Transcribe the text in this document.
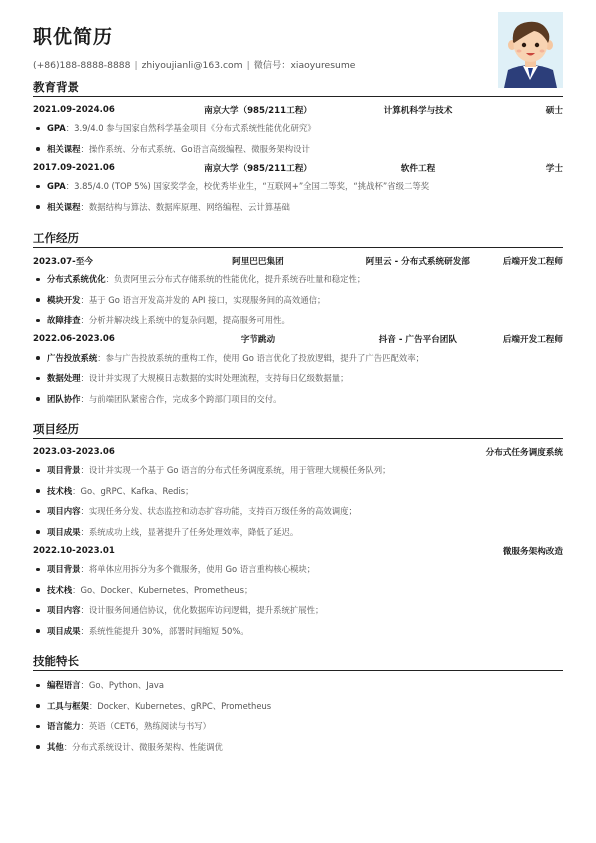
职优简历
(+86)188-8888-8888 | zhiyoujianli@163.com | 微信号：xiaoyuresume
教育背景
2021.09-2024.06	南京大学（985/211工程）	计算机科学与技术	硕士
GPA：3.9/4.0 参与国家自然科学基金项目《分布式系统性能优化研究》
相关课程：操作系统、分布式系统、Go语言高级编程、微服务架构设计
2017.09-2021.06	南京大学（985/211工程）	软件工程	学士
GPA：3.85/4.0 (TOP 5%) 国家奖学金，校优秀毕业生，“互联网+”全国二等奖，“挑战杯”省级二等奖
相关课程：数据结构与算法、数据库原理、网络编程、云计算基础
工作经历
2023.07-至今	阿里巴巴集团	阿里云 - 分布式系统研发部	后端开发工程师
分布式系统优化：负责阿里云分布式存储系统的性能优化，提升系统吞吐量和稳定性；
模块开发：基于 Go 语言开发高并发的 API 接口，实现服务间的高效通信；
故障排查：分析并解决线上系统中的复杂问题，提高服务可用性。
2022.06-2023.06	字节跳动	抖音 - 广告平台团队	后端开发工程师
广告投放系统：参与广告投放系统的重构工作，使用 Go 语言优化了投放逻辑，提升了广告匹配效率；
数据处理：设计并实现了大规模日志数据的实时处理流程，支持每日亿级数据量；
团队协作：与前端团队紧密合作，完成多个跨部门项目的交付。
项目经历
2023.03-2023.06	分布式任务调度系统
项目背景：设计并实现一个基于 Go 语言的分布式任务调度系统，用于管理大规模任务队列；
技术栈：Go、gRPC、Kafka、Redis；
项目内容：实现任务分发、状态监控和动态扩容功能，支持百万级任务的高效调度；
项目成果：系统成功上线，显著提升了任务处理效率，降低了延迟。
2022.10-2023.01	微服务架构改造
项目背景：将单体应用拆分为多个微服务，使用 Go 语言重构核心模块；
技术栈：Go、Docker、Kubernetes、Prometheus；
项目内容：设计服务间通信协议，优化数据库访问逻辑，提升系统扩展性；
项目成果：系统性能提升 30%，部署时间缩短 50%。
技能特长
编程语言：Go、Python、Java
工具与框架：Docker、Kubernetes、gRPC、Prometheus
语言能力：英语（CET6，熟练阅读与书写）
其他：分布式系统设计、微服务架构、性能调优
